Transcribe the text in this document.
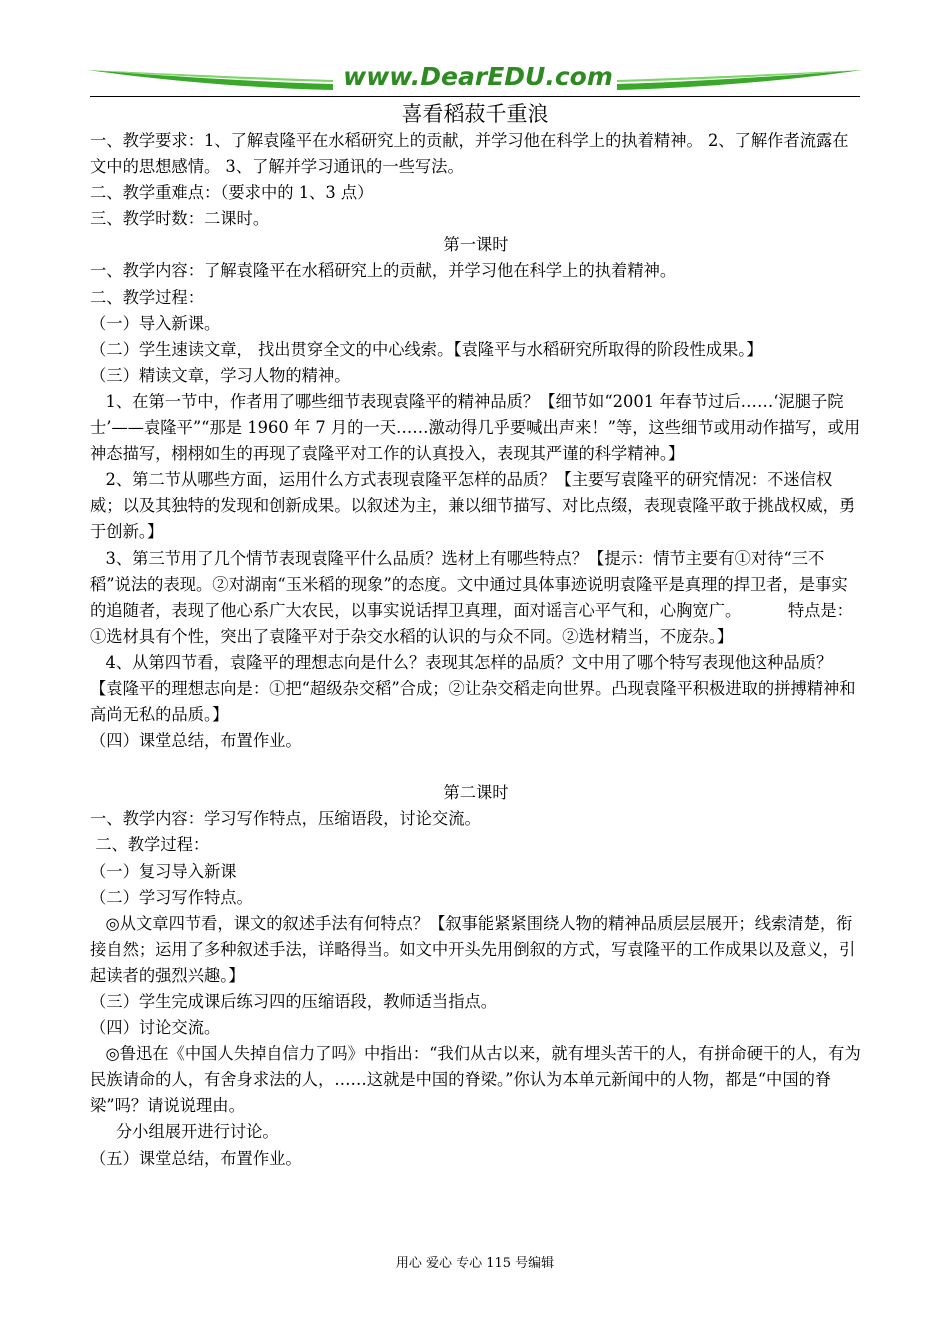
www.DearEDU.com
喜看稻菽千重浪

一、教学要求：1、了解袁隆平在水稻研究上的贡献，并学习他在科学上的执着精神。 2、了解作者流露在文中的思想感情。 3、了解并学习通讯的一些写法。

二、教学重难点：（要求中的 1、3 点）

三、教学时数：二课时。

第一课时

一、教学内容：了解袁隆平在水稻研究上的贡献，并学习他在科学上的执着精神。

二、教学过程：

（一）导入新课。

（二）学生速读文章， 找出贯穿全文的中心线索。【袁隆平与水稻研究所取得的阶段性成果。】

（三）精读文章，学习人物的精神。

1、在第一节中，作者用了哪些细节表现袁隆平的精神品质？【细节如“2001 年春节过后……‘泥腿子院士’——袁隆平”“那是 1960 年 7 月的一天……激动得几乎要喊出声来！”等，这些细节或用动作描写，或用神态描写，栩栩如生的再现了袁隆平对工作的认真投入，表现其严谨的科学精神。】

2、第二节从哪些方面，运用什么方式表现袁隆平怎样的品质？【主要写袁隆平的研究情况：不迷信权威；以及其独特的发现和创新成果。以叙述为主，兼以细节描写、对比点缀，表现袁隆平敢于挑战权威，勇于创新。】

3、第三节用了几个情节表现袁隆平什么品质？选材上有哪些特点？【提示：情节主要有①对待“三不稻”说法的表现。②对湖南“玉米稻的现象”的态度。文中通过具体事迹说明袁隆平是真理的捍卫者，是事实的追随者，表现了他心系广大农民，以事实说话捍卫真理，面对谣言心平气和，心胸宽广。         特点是：①选材具有个性，突出了袁隆平对于杂交水稻的认识的与众不同。②选材精当，不庞杂。】

4、从第四节看，袁隆平的理想志向是什么？表现其怎样的品质？文中用了哪个特写表现他这种品质？【袁隆平的理想志向是：①把“超级杂交稻”合成；②让杂交稻走向世界。凸现袁隆平积极进取的拼搏精神和高尚无私的品质。】

（四）课堂总结，布置作业。

第二课时

一、教学内容：学习写作特点，压缩语段，讨论交流。

二、教学过程：

（一）复习导入新课

（二）学习写作特点。

◎从文章四节看，课文的叙述手法有何特点？【叙事能紧紧围绕人物的精神品质层层展开；线索清楚，衔接自然；运用了多种叙述手法，详略得当。如文中开头先用倒叙的方式，写袁隆平的工作成果以及意义，引起读者的强烈兴趣。】

（三）学生完成课后练习四的压缩语段，教师适当指点。

（四）讨论交流。

◎鲁迅在《中国人失掉自信力了吗》中指出：“我们从古以来，就有埋头苦干的人，有拼命硬干的人，有为民族请命的人，有舍身求法的人，……这就是中国的脊梁。”你认为本单元新闻中的人物，都是“中国的脊梁”吗？请说说理由。

分小组展开进行讨论。

（五）课堂总结，布置作业。

用心 爱心 专心 115 号编辑
